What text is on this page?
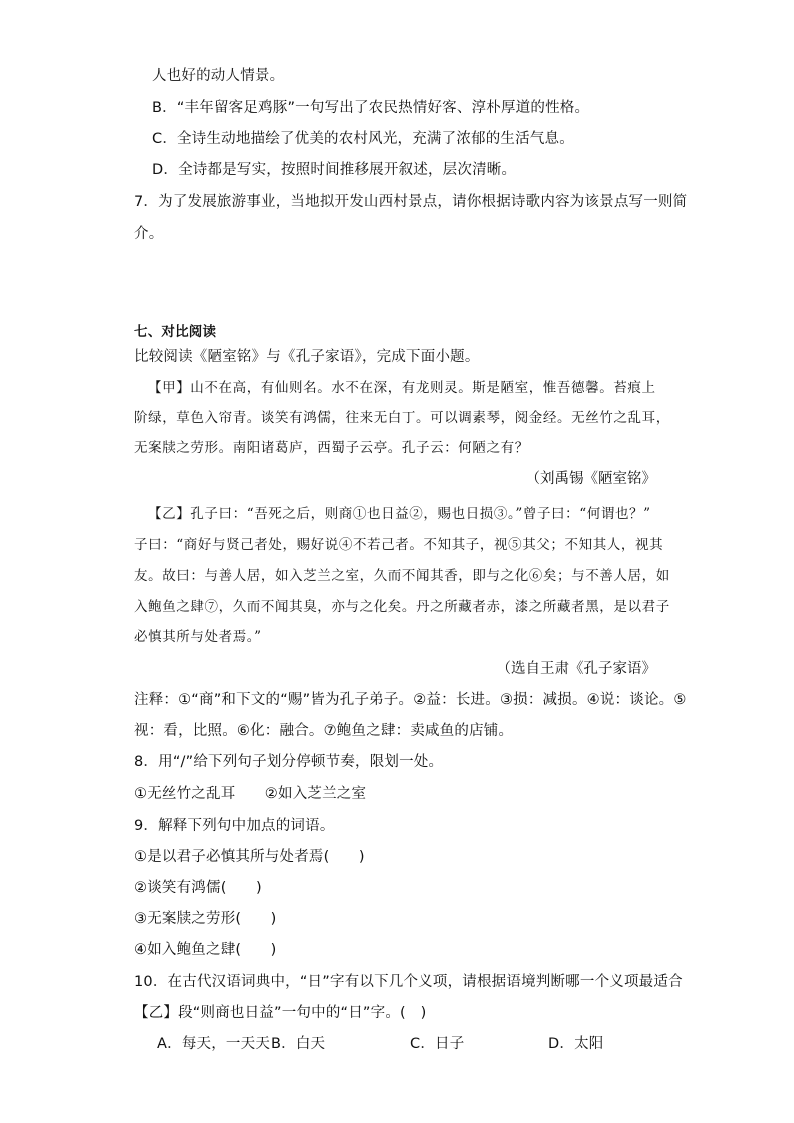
人也好的动人情景。
B．“丰年留客足鸡豚”一句写出了农民热情好客、淳朴厚道的性格。
C．全诗生动地描绘了优美的农村风光，充满了浓郁的生活气息。
D．全诗都是写实，按照时间推移展开叙述，层次清晰。
7．为了发展旅游事业，当地拟开发山西村景点，请你根据诗歌内容为该景点写一则简
介。
七、对比阅读
比较阅读《陋室铭》与《孔子家语》，完成下面小题。
【甲】山不在高，有仙则名。水不在深，有龙则灵。斯是陋室，惟吾德馨。苔痕上
阶绿，草色入帘青。谈笑有鸿儒，往来无白丁。可以调素琴，阅金经。无丝竹之乱耳，
无案牍之劳形。南阳诸葛庐，西蜀子云亭。孔子云：何陋之有？
（刘禹锡《陋室铭》
【乙】孔子曰：“吾死之后，则商①也日益②，赐也日损③。”曾子曰：“何谓也？”
子曰：“商好与贤己者处，赐好说④不若己者。不知其子，视⑤其父；不知其人，视其
友。故曰：与善人居，如入芝兰之室，久而不闻其香，即与之化⑥矣；与不善人居，如
入鲍鱼之肆⑦，久而不闻其臭，亦与之化矣。丹之所藏者赤，漆之所藏者黑，是以君子
必慎其所与处者焉。”
（选自王肃《孔子家语》
注释：①“商”和下文的“赐”皆为孔子弟子。②益：长进。③损：减损。④说：谈论。⑤
视：看，比照。⑥化：融合。⑦鲍鱼之肆：卖咸鱼的店铺。
8．用“/”给下列句子划分停顿节奏，限划一处。
①无丝竹之乱耳　　②如入芝兰之室
9．解释下列句中加点的词语。
①是以君子必慎其所与处者焉(　　)
②谈笑有鸿儒(　　)
③无案牍之劳形(　　)
④如入鲍鱼之肆(　　)
10．在古代汉语词典中，“日”字有以下几个义项，请根据语境判断哪一个义项最适合
【乙】段“则商也日益”一句中的“日”字。(　)
A．每天，一天天 B．白天	C．日子	D．太阳
